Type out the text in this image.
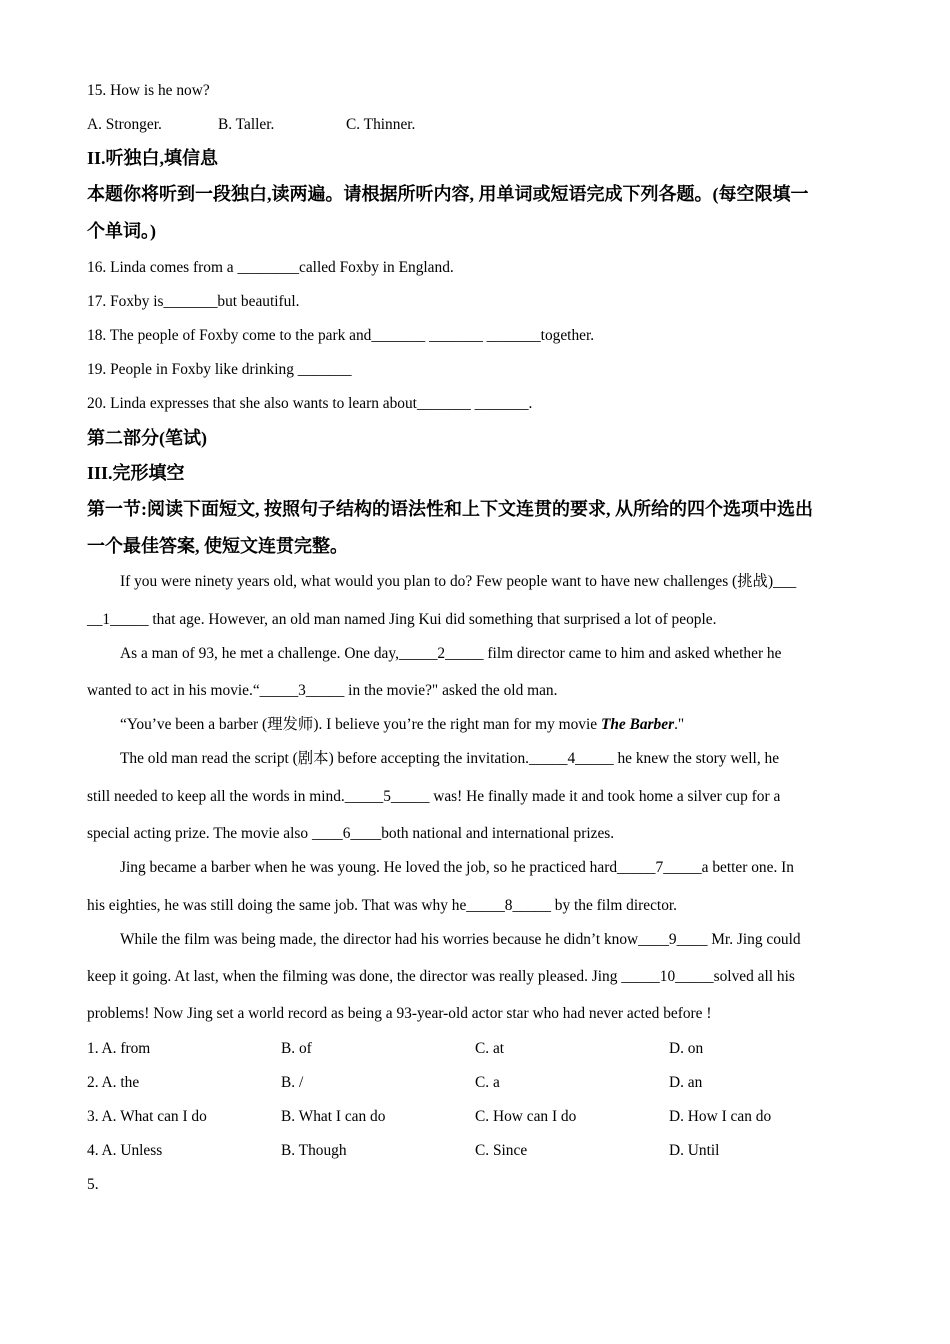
15. How is he now?
A. Stronger.	B. Taller.	C. Thinner.
II.听独白,填信息
本题你将听到一段独白,读两遍。请根据所听内容, 用单词或短语完成下列各题。(每空限填一
个单词。)
16. Linda comes from a ________called Foxby in England.
17. Foxby is_______but beautiful.
18. The people of Foxby come to the park and_______ _______ _______together.
19. People in Foxby like drinking _______
20. Linda expresses that she also wants to learn about_______ _______.
第二部分(笔试)
III.完形填空
第一节:阅读下面短文, 按照句子结构的语法性和上下文连贯的要求, 从所给的四个选项中选出
一个最佳答案, 使短文连贯完整。
If you were ninety years old, what would you plan to do? Few people want to have new challenges (挑战)___
__1_____ that age. However, an old man named Jing Kui did something that surprised a lot of people.
As a man of 93, he met a challenge. One day,_____2_____ film director came to him and asked whether he
wanted to act in his movie.“_____3_____ in the movie?" asked the old man.
“You’ve been a barber (理发师). I believe you’re the right man for my movie The Barber."
The old man read the script (剧本) before accepting the invitation._____4_____ he knew the story well, he
still needed to keep all the words in mind._____5_____ was! He finally made it and took home a silver cup for a
special acting prize. The movie also ____6____both national and international prizes.
Jing became a barber when he was young. He loved the job, so he practiced hard_____7_____a better one. In
his eighties, he was still doing the same job. That was why he_____8_____ by the film director.
While the film was being made, the director had his worries because he didn’t know____9____ Mr. Jing could
keep it going. At last, when the filming was done, the director was really pleased. Jing _____10_____solved all his
problems! Now Jing set a world record as being a 93-year-old actor star who had never acted before !
1. A. from	B. of	C. at	D. on
2. A. the	B. /	C. a	D. an
3. A. What can I do	B. What I can do	C. How can I do	D. How I can do
4. A. Unless	B. Though	C. Since	D. Until
5.
